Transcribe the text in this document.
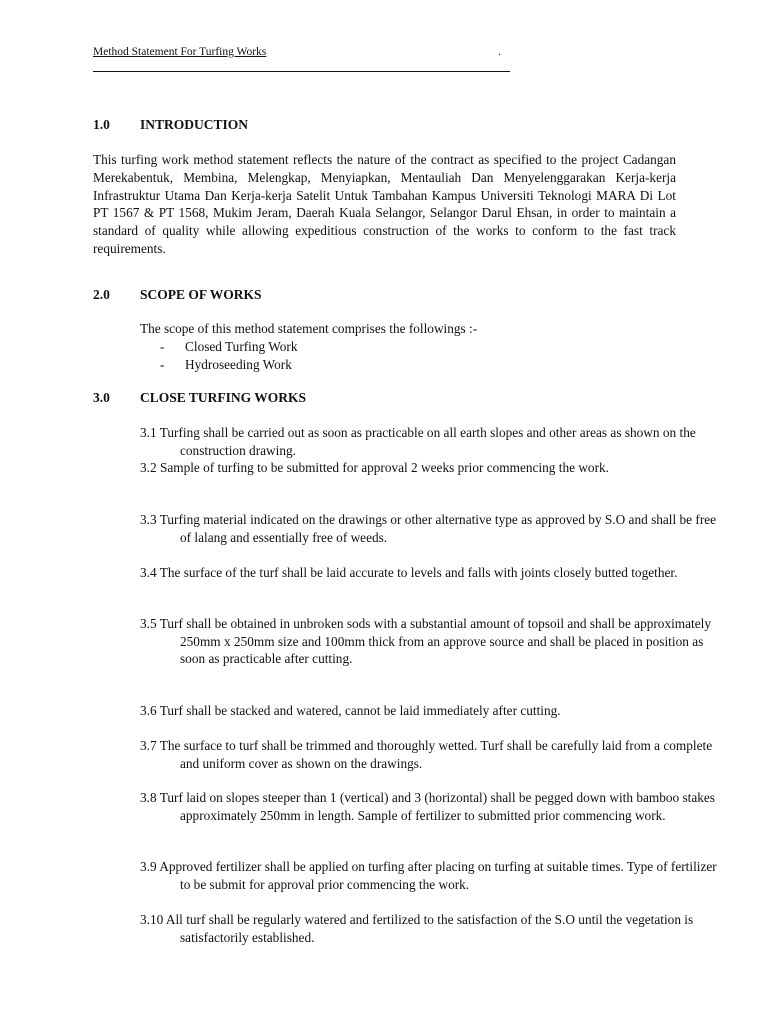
Method Statement For Turfing Works	.
1.0 INTRODUCTION

This turfing work method statement reflects the nature of the contract as specified to the project Cadangan Merekabentuk, Membina, Melengkap, Menyiapkan, Mentauliah Dan Menyelenggarakan Kerja-kerja Infrastruktur Utama Dan Kerja-kerja Satelit Untuk Tambahan Kampus Universiti Teknologi MARA Di Lot PT 1567 & PT 1568, Mukim Jeram, Daerah Kuala Selangor, Selangor Darul Ehsan, in order to maintain a standard of quality while allowing expeditious construction of the works to conform to the fast track requirements.

2.0 SCOPE OF WORKS
The scope of this method statement comprises the followings :-
- Closed Turfing Work
- Hydroseeding Work
3.0 CLOSE TURFING WORKS

3.1 Turfing shall be carried out as soon as practicable on all earth slopes and other areas as shown on the construction drawing.

3.2 Sample of turfing to be submitted for approval 2 weeks prior commencing the work.

3.3 Turfing material indicated on the drawings or other alternative type as approved by S.O and shall be free of lalang and essentially free of weeds.

3.4 The surface of the turf shall be laid accurate to levels and falls with joints closely butted together.

3.5 Turf shall be obtained in unbroken sods with a substantial amount of topsoil and shall be approximately 250mm x 250mm size and 100mm thick from an approve source and shall be placed in position as soon as practicable after cutting.

3.6 Turf shall be stacked and watered, cannot be laid immediately after cutting.

3.7 The surface to turf shall be trimmed and thoroughly wetted. Turf shall be carefully laid from a complete and uniform cover as shown on the drawings.

3.8 Turf laid on slopes steeper than 1 (vertical) and 3 (horizontal) shall be pegged down with bamboo stakes approximately 250mm in length. Sample of fertilizer to submitted prior commencing work.

3.9 Approved fertilizer shall be applied on turfing after placing on turfing at suitable times. Type of fertilizer to be submit for approval prior commencing the work.

3.10 All turf shall be regularly watered and fertilized to the satisfaction of the S.O until the vegetation is satisfactorily established.
